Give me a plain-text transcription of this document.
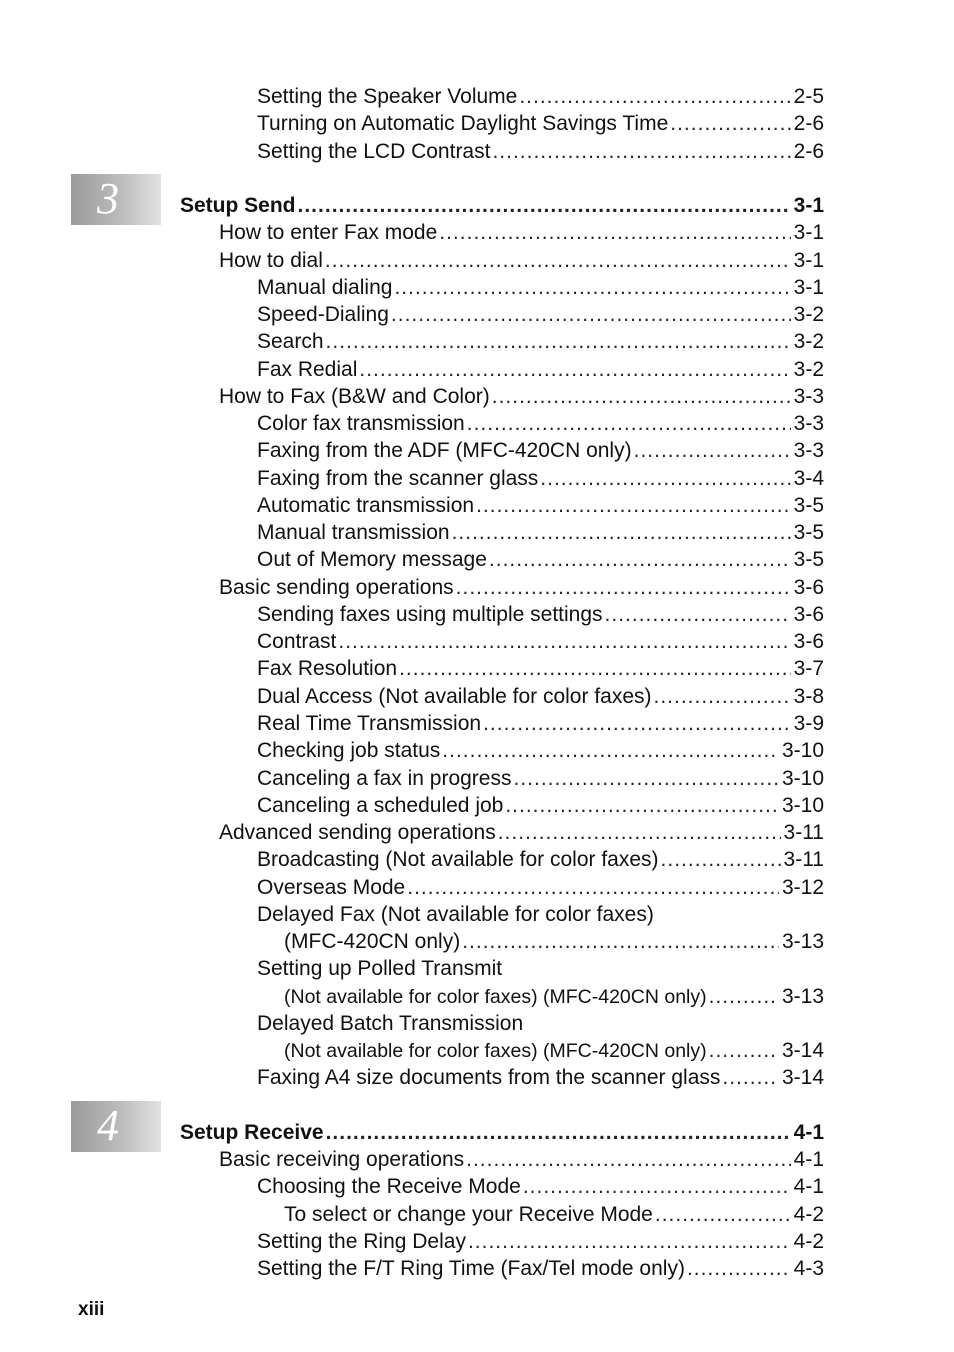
3
4
Setting the Speaker Volume .....	2-5
Turning on Automatic Daylight Savings Time .....	2-6
Setting the LCD Contrast .....	2-6
Setup Send .....	3-1
How to enter Fax mode .....	3-1
How to dial .....	3-1
Manual dialing .....	3-1
Speed-Dialing .....	3-2
Search .....	3-2
Fax Redial .....	3-2
How to Fax (B&W and Color) .....	3-3
Color fax transmission .....	3-3
Faxing from the ADF (MFC-420CN only) .....	3-3
Faxing from the scanner glass .....	3-4
Automatic transmission .....	3-5
Manual transmission .....	3-5
Out of Memory message .....	3-5
Basic sending operations .....	3-6
Sending faxes using multiple settings .....	3-6
Contrast .....	3-6
Fax Resolution .....	3-7
Dual Access (Not available for color faxes) .....	3-8
Real Time Transmission .....	3-9
Checking job status .....	3-10
Canceling a fax in progress .....	3-10
Canceling a scheduled job .....	3-10
Advanced sending operations .....	3-11
Broadcasting (Not available for color faxes) .....	3-11
Overseas Mode .....	3-12
Delayed Fax (Not available for color faxes)
(MFC-420CN only) .....	3-13
Setting up Polled Transmit
(Not available for color faxes) (MFC-420CN only) .....	3-13
Delayed Batch Transmission
(Not available for color faxes) (MFC-420CN only) .....	3-14
Faxing A4 size documents from the scanner glass .....	3-14
Setup Receive .....	4-1
Basic receiving operations .....	4-1
Choosing the Receive Mode .....	4-1
To select or change your Receive Mode .....	4-2
Setting the Ring Delay .....	4-2
Setting the F/T Ring Time (Fax/Tel mode only) .....	4-3
xiii
